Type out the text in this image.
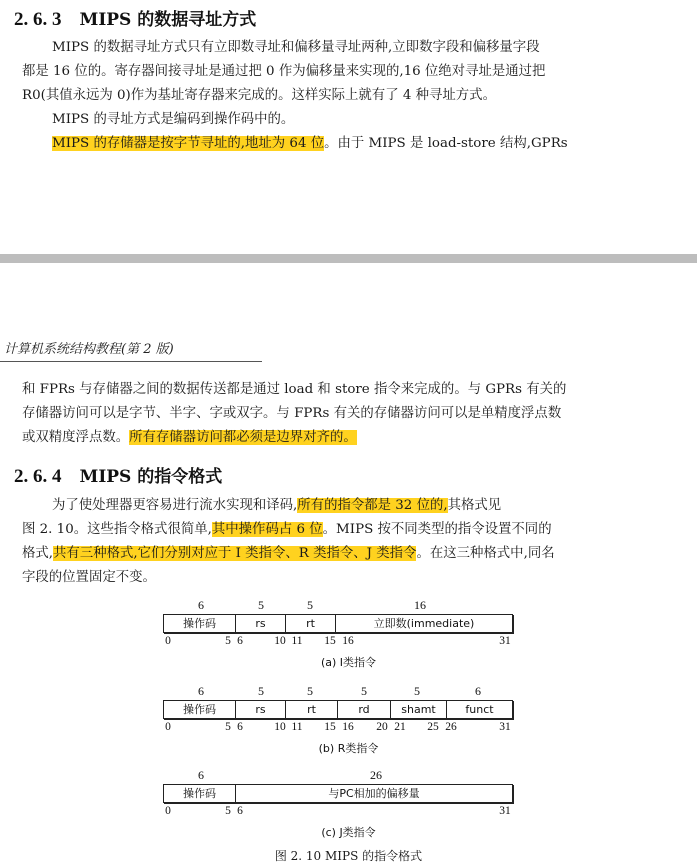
2. 6. 3 MIPS 的数据寻址方式
MIPS 的数据寻址方式只有立即数寻址和偏移量寻址两种,立即数字段和偏移量字段
都是 16 位的。寄存器间接寻址是通过把 0 作为偏移量来实现的,16 位绝对寻址是通过把
R0(其值永远为 0)作为基址寄存器来完成的。这样实际上就有了 4 种寻址方式。
MIPS 的寻址方式是编码到操作码中的。
MIPS 的存储器是按字节寻址的,地址为 64 位。由于 MIPS 是 load-store 结构,GPRs
计算机系统结构教程(第 2 版)
和 FPRs 与存储器之间的数据传送都是通过 load 和 store 指令来完成的。与 GPRs 有关的
存储器访问可以是字节、半字、字或双字。与 FPRs 有关的存储器访问可以是单精度浮点数
或双精度浮点数。所有存储器访问都必须是边界对齐的。
2. 6. 4 MIPS 的指令格式
为了使处理器更容易进行流水实现和译码,所有的指令都是 32 位的,其格式见
图 2. 10。这些指令格式很简单,其中操作码占 6 位。MIPS 按不同类型的指令设置不同的
格式,共有三种格式,它们分别对应于 I 类指令、R 类指令、J 类指令。在这三种格式中,同名
字段的位置固定不变。
6	5	5	16
操作码	rs	rt	立即数(immediate)
0	5 6	10 11 15 16	31
(a) I类指令
6	5	5	5	5	6
操作码	rs	rt	rd	shamt	funct
0	5 6	10 11 15 16 20 21 25 26	31
(b) R类指令
6	26
操作码	与PC相加的偏移量
0	5 6	31
(c) J类指令
图 2. 10 MIPS 的指令格式
